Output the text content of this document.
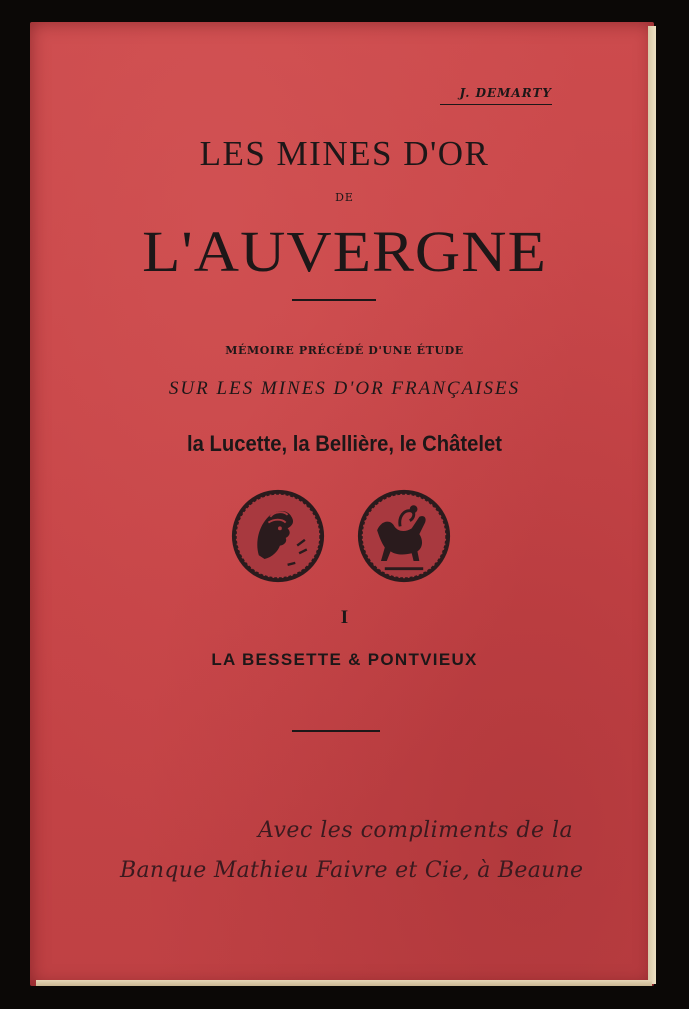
J. DEMARTY
LES MINES D'OR
DE
L'AUVERGNE
MÉMOIRE PRÉCÉDÉ D'UNE ÉTUDE
SUR LES MINES D'OR FRANÇAISES
la Lucette, la Bellière, le Châtelet
I
LA BESSETTE & PONTVIEUX
Avec les compliments de la
Banque Mathieu Faivre et Cie, à Beaune
